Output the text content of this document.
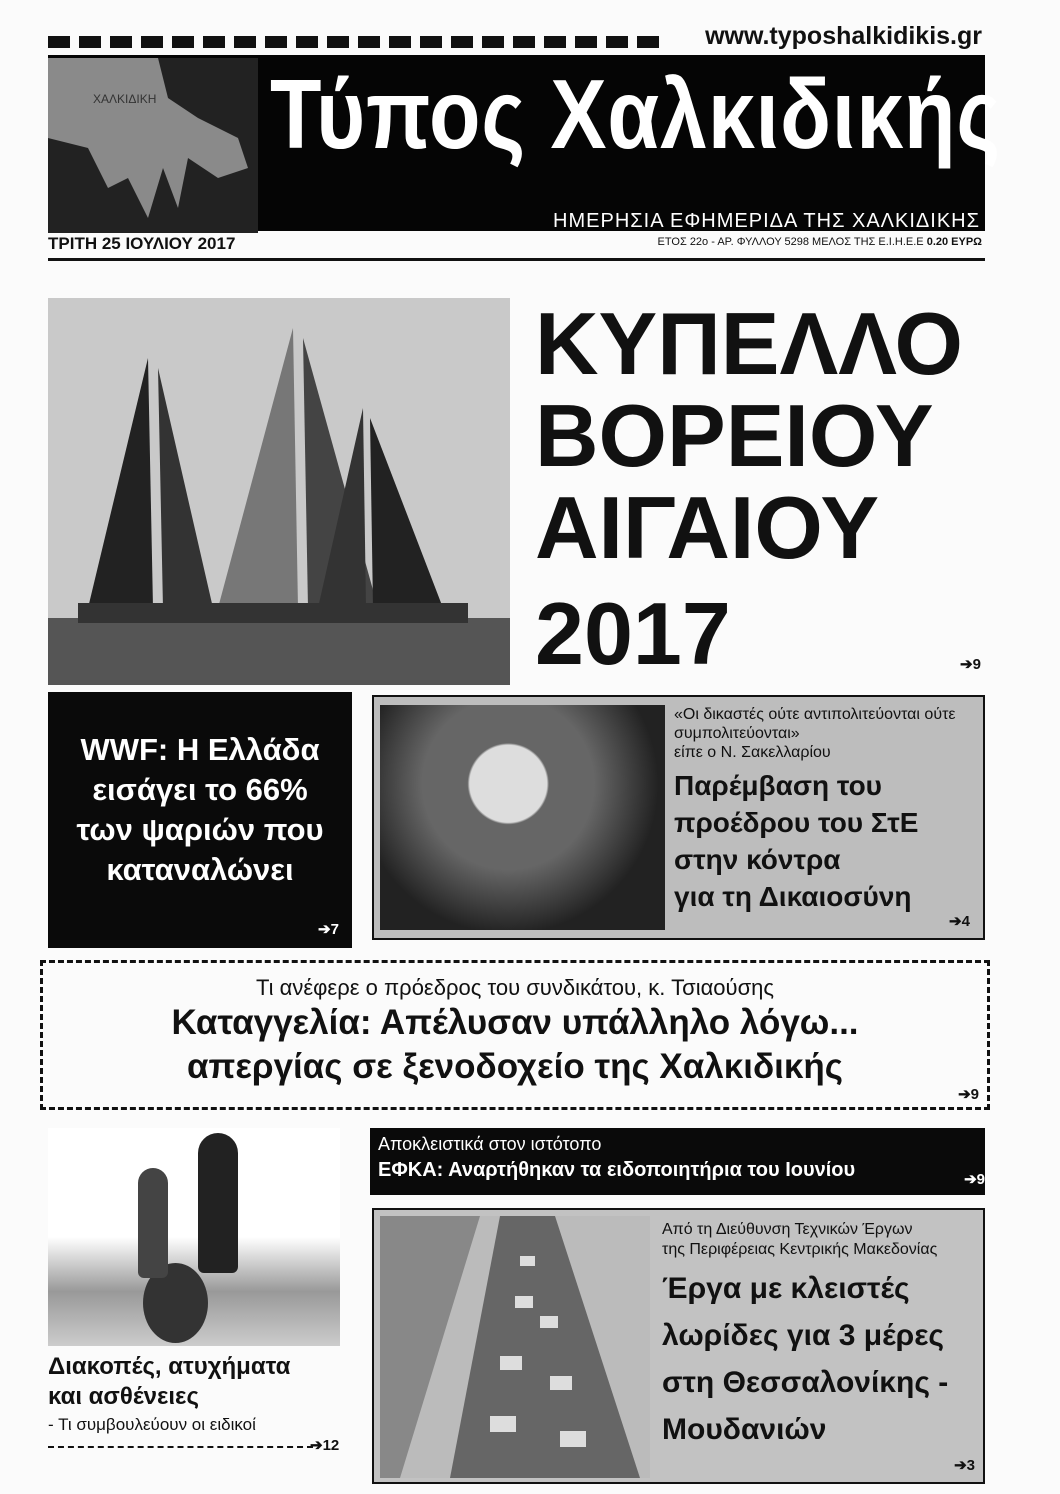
www.typoshalkidikis.gr
ΧΑΛΚΙΔΙΚΗ Τύπος Χαλκιδικής
ΗΜΕΡΗΣΙΑ ΕΦΗΜΕΡΙΔΑ ΤΗΣ ΧΑΛΚΙΔΙΚΗΣ
ΤΡΙΤΗ 25 ΙΟΥΛΙΟΥ 2017	ΕΤΟΣ 22ο - ΑΡ. ΦΥΛΛΟΥ 5298 ΜΕΛΟΣ ΤΗΣ Ε.Ι.Η.Ε.Ε 0.20 ΕΥΡΩ
ΚΥΠΕΛΛΟ
ΒΟΡΕΙΟΥ
ΑΙΓΑΙΟΥ
2017	➔9
WWF: Η Ελλάδα
εισάγει το 66%
των ψαριών που
καταναλώνει
➔7
«Οι δικαστές ούτε αντιπολιτεύονται ούτε συμπολιτεύονται»
είπε ο Ν. Σακελλαρίου
Παρέμβαση του
προέδρου του ΣτΕ
στην κόντρα
για τη Δικαιοσύνη
➔4
Τι ανέφερε ο πρόεδρος του συνδικάτου, κ. Τσιαούσης
Καταγγελία: Απέλυσαν υπάλληλο λόγω...
απεργίας σε ξενοδοχείο της Χαλκιδικής
➔9
Διακοπές, ατυχήματα
και ασθένειες
- Τι συμβουλεύουν οι ειδικοί
➔12
Αποκλειστικά στον ιστότοπο
ΕΦΚΑ: Αναρτήθηκαν τα ειδοποιητήρια του Ιουνίου	➔9
Από τη Διεύθυνση Τεχνικών Έργων
της Περιφέρειας Κεντρικής Μακεδονίας
Έργα με κλειστές
λωρίδες για 3 μέρες
στη Θεσσαλονίκης -
Μουδανιών
➔3
